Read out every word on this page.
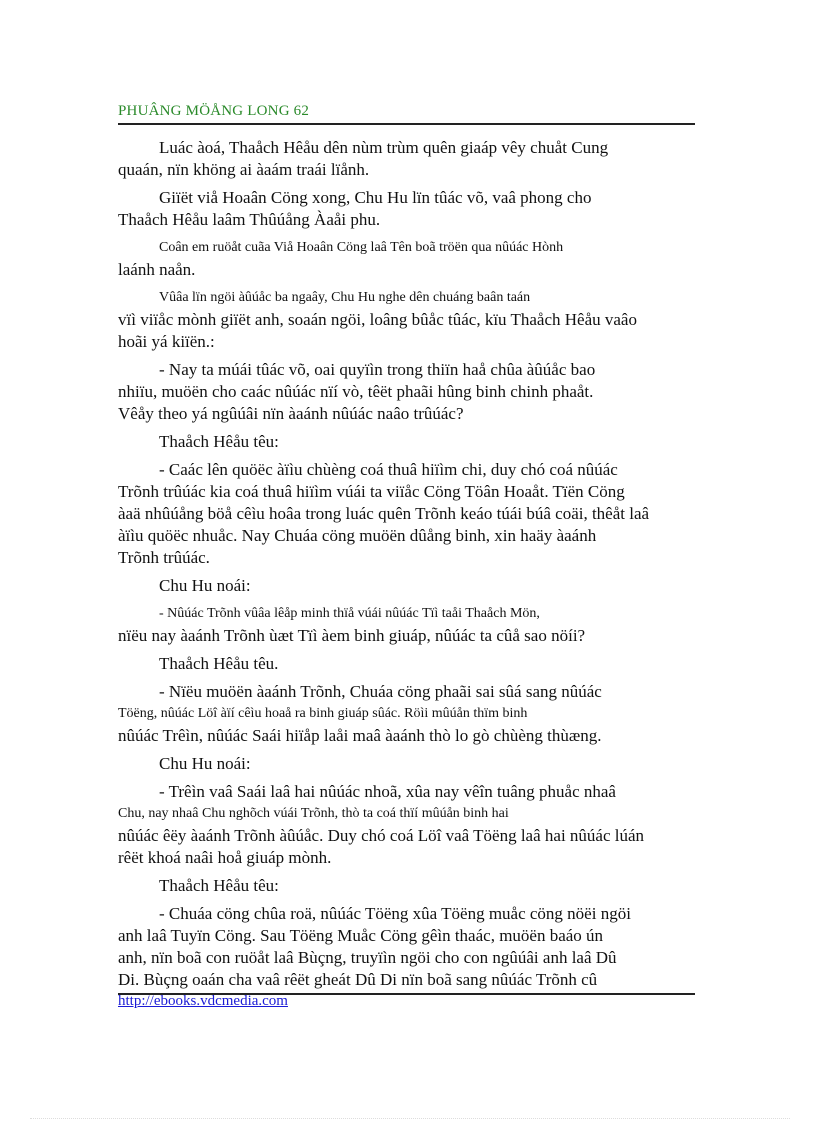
PHUÂNG MÖÅNG LONG 62
Luác àoá, Thaåch Hêåu dên nùm trùm quên giaáp vêy chuåt Cung
quaán, nïn khöng ai àaám traái lïånh.
Giïët viå Hoaân Cöng xong, Chu Hu lïn tûác võ, vaâ phong cho
Thaåch Hêåu laâm Thûúång Àaåi phu.
Coân em ruöåt cuãa Viå Hoaân Cöng laâ Tên boã tröën qua nûúác Hònh
laánh naån.
Vûâa lïn ngöi àûúåc ba ngaây, Chu Hu nghe dên chuáng baân taán
vïì viïåc mònh giïët anh, soaán ngöi, loâng bûåc tûác, kïu Thaåch Hêåu vaâo
hoãi yá kiïën.:
- Nay ta múái tûác võ, oai quyïìn trong thiïn haå chûa àûúåc bao
nhiïu, muöën cho caác nûúác nïí vò, têët phaãi hûng binh chinh phaåt.
Vêåy theo yá ngûúâi nïn àaánh nûúác naâo trûúác?
Thaåch Hêåu têu:
- Caác lên quöëc àïìu chùèng coá thuâ hiïìm chi, duy chó coá nûúác
Trõnh trûúác kia coá thuâ hiïìm vúái ta viïåc Cöng Töân Hoaåt. Tïën Cöng
àaä nhûúång böå cêìu hoâa trong luác quên Trõnh keáo túái búâ coäi, thêåt laâ
àïìu quöëc nhuåc. Nay Chuáa cöng muöën dûång binh, xin haäy àaánh
Trõnh trûúác.
Chu Hu noái:
- Nûúác Trõnh vûâa lêåp minh thïå vúái nûúác Tïì taåi Thaåch Mön,
nïëu nay àaánh Trõnh ùæt Tïì àem binh giuáp, nûúác ta cûå sao nöíi?
Thaåch Hêåu têu.
- Nïëu muöën àaánh Trõnh, Chuáa cöng phaãi sai sûá sang nûúác
Töëng, nûúác Löî àïí cêìu hoaå ra binh giuáp sûác. Röìi mûúån thïm binh
nûúác Trêìn, nûúác Saái hiïåp laåi maâ àaánh thò lo gò chùèng thùæng.
Chu Hu noái:
- Trêìn vaâ Saái laâ hai nûúác nhoã, xûa nay vêîn tuâng phuåc nhaâ
Chu, nay nhaâ Chu nghõch vúái Trõnh, thò ta coá thïí mûúån binh hai
nûúác êëy àaánh Trõnh àûúåc. Duy chó coá Löî vaâ Töëng laâ hai nûúác lúán
rêët khoá naâi hoå giuáp mònh.
Thaåch Hêåu têu:
- Chuáa cöng chûa roä, nûúác Töëng xûa Töëng muåc cöng nöëi ngöi
anh laâ Tuyïn Cöng. Sau Töëng Muåc Cöng gêìn thaác, muöën baáo ún
anh, nïn boã con ruöåt laâ Bùçng, truyïìn ngöi cho con ngûúâi anh laâ Dû
Di. Bùçng oaán cha vaâ rêët gheát Dû Di nïn boã sang nûúác Trõnh cû
http://ebooks.vdcmedia.com
